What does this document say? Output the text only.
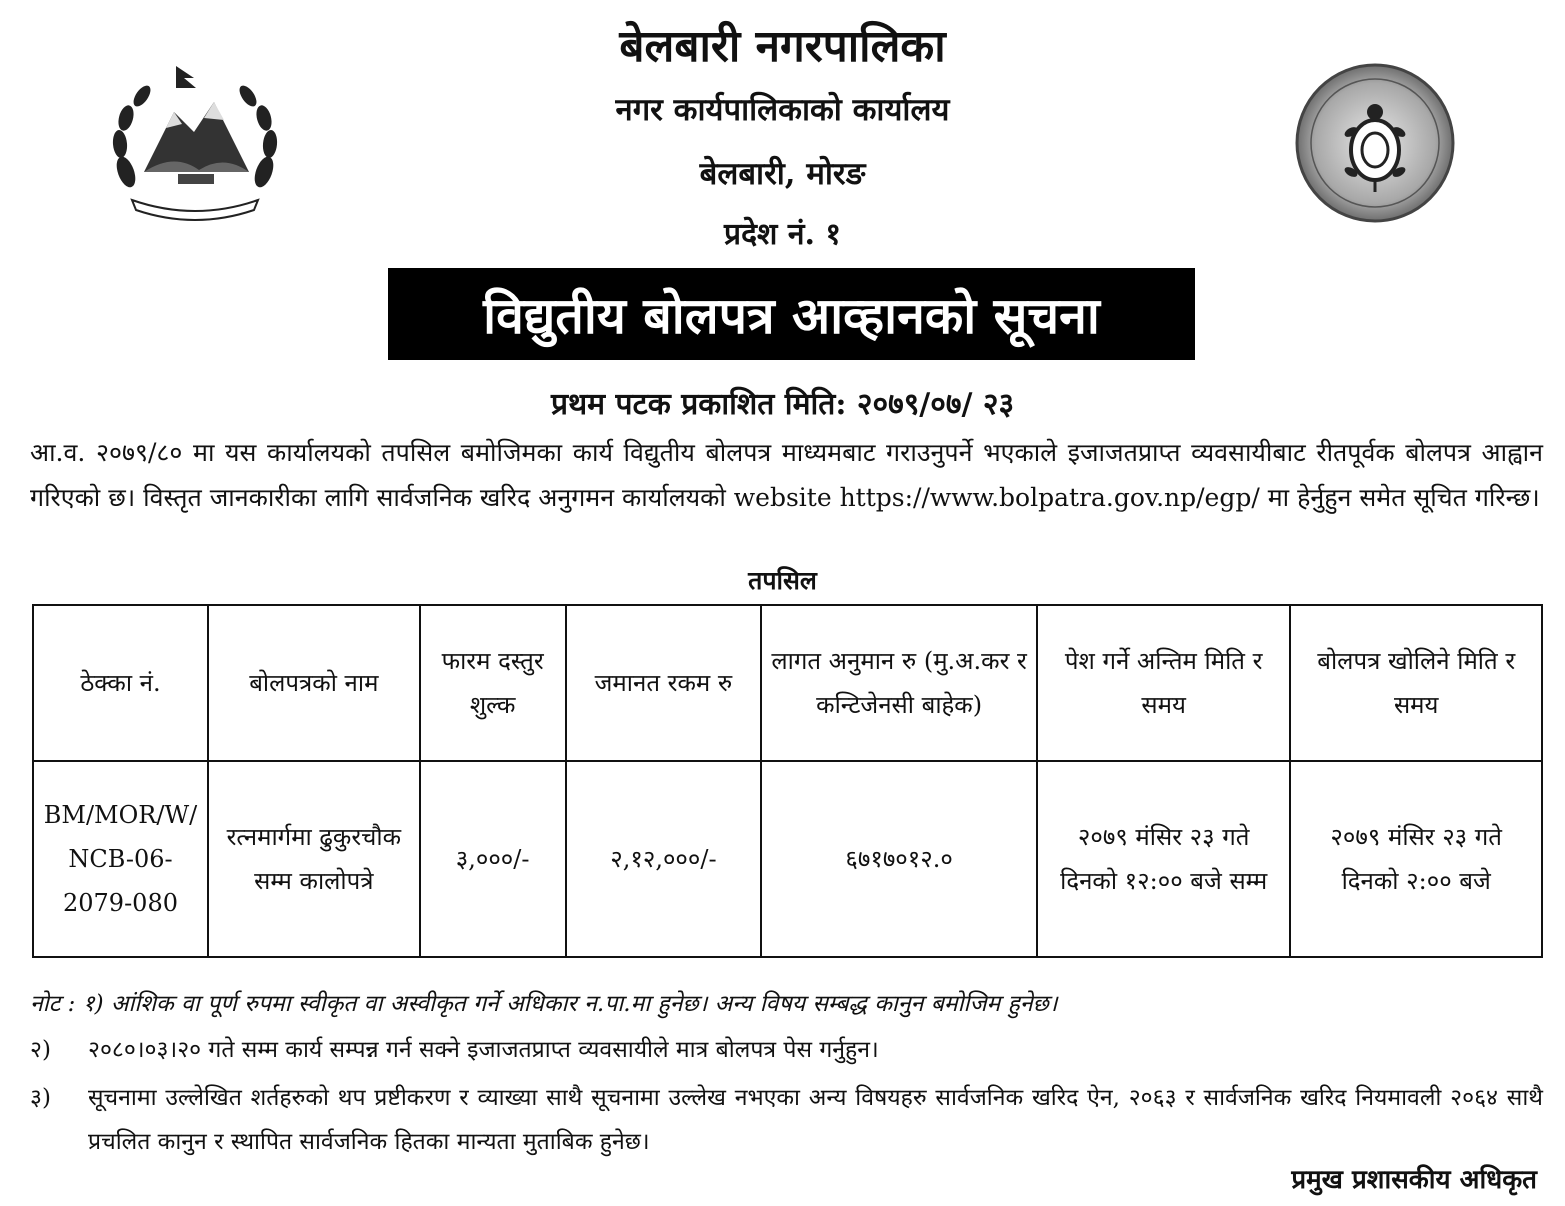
बेलबारी नगरपालिका
नगर कार्यपालिकाको कार्यालय
बेलबारी, मोरङ
प्रदेश नं. १
विद्युतीय बोलपत्र आव्हानको सूचना
प्रथम पटक प्रकाशित मिति: २०७९/०७/ २३
आ.व. २०७९/८० मा यस कार्यालयको तपसिल बमोजिमका कार्य विद्युतीय बोलपत्र माध्यमबाट गराउनुपर्ने भएकाले इजाजतप्राप्त व्यवसायीबाट रीतपूर्वक बोलपत्र आह्वान गरिएको छ। विस्तृत जानकारीका लागि सार्वजनिक खरिद अनुगमन कार्यालयको website https://www.bolpatra.gov.np/egp/ मा हेर्नुहुन समेत सूचित गरिन्छ।
तपसिल
ठेक्का नं.	बोलपत्रको नाम	फारम दस्तुर शुल्क	जमानत रकम रु	लागत अनुमान रु (मु.अ.कर र कन्टिजेनसी बाहेक)	पेश गर्ने अन्तिम मिति र समय	बोलपत्र खोलिने मिति र समय
BM/MOR/W/ NCB-06- 2079-080	रत्नमार्गमा ढुकुरचौक सम्म कालोपत्रे	३,०००/-	२,१२,०००/-	६७१७०१२.०	२०७९ मंसिर २३ गते दिनको १२:०० बजे सम्म	२०७९ मंसिर २३ गते दिनको २:०० बजे
नोट : १) आंशिक वा पूर्ण रुपमा स्वीकृत वा अस्वीकृत गर्ने अधिकार न.पा.मा हुनेछ। अन्य विषय सम्बद्ध कानुन बमोजिम हुनेछ।
२) २०८०।०३।२० गते सम्म कार्य सम्पन्न गर्न सक्ने इजाजतप्राप्त व्यवसायीले मात्र बोलपत्र पेस गर्नुहुन।
३) सूचनामा उल्लेखित शर्तहरुको थप प्रष्टीकरण र व्याख्या साथै सूचनामा उल्लेख नभएका अन्य विषयहरु सार्वजनिक खरिद ऐन, २०६३ र सार्वजनिक खरिद नियमावली २०६४ साथै प्रचलित कानुन र स्थापित सार्वजनिक हितका मान्यता मुताबिक हुनेछ।
प्रमुख प्रशासकीय अधिकृत
